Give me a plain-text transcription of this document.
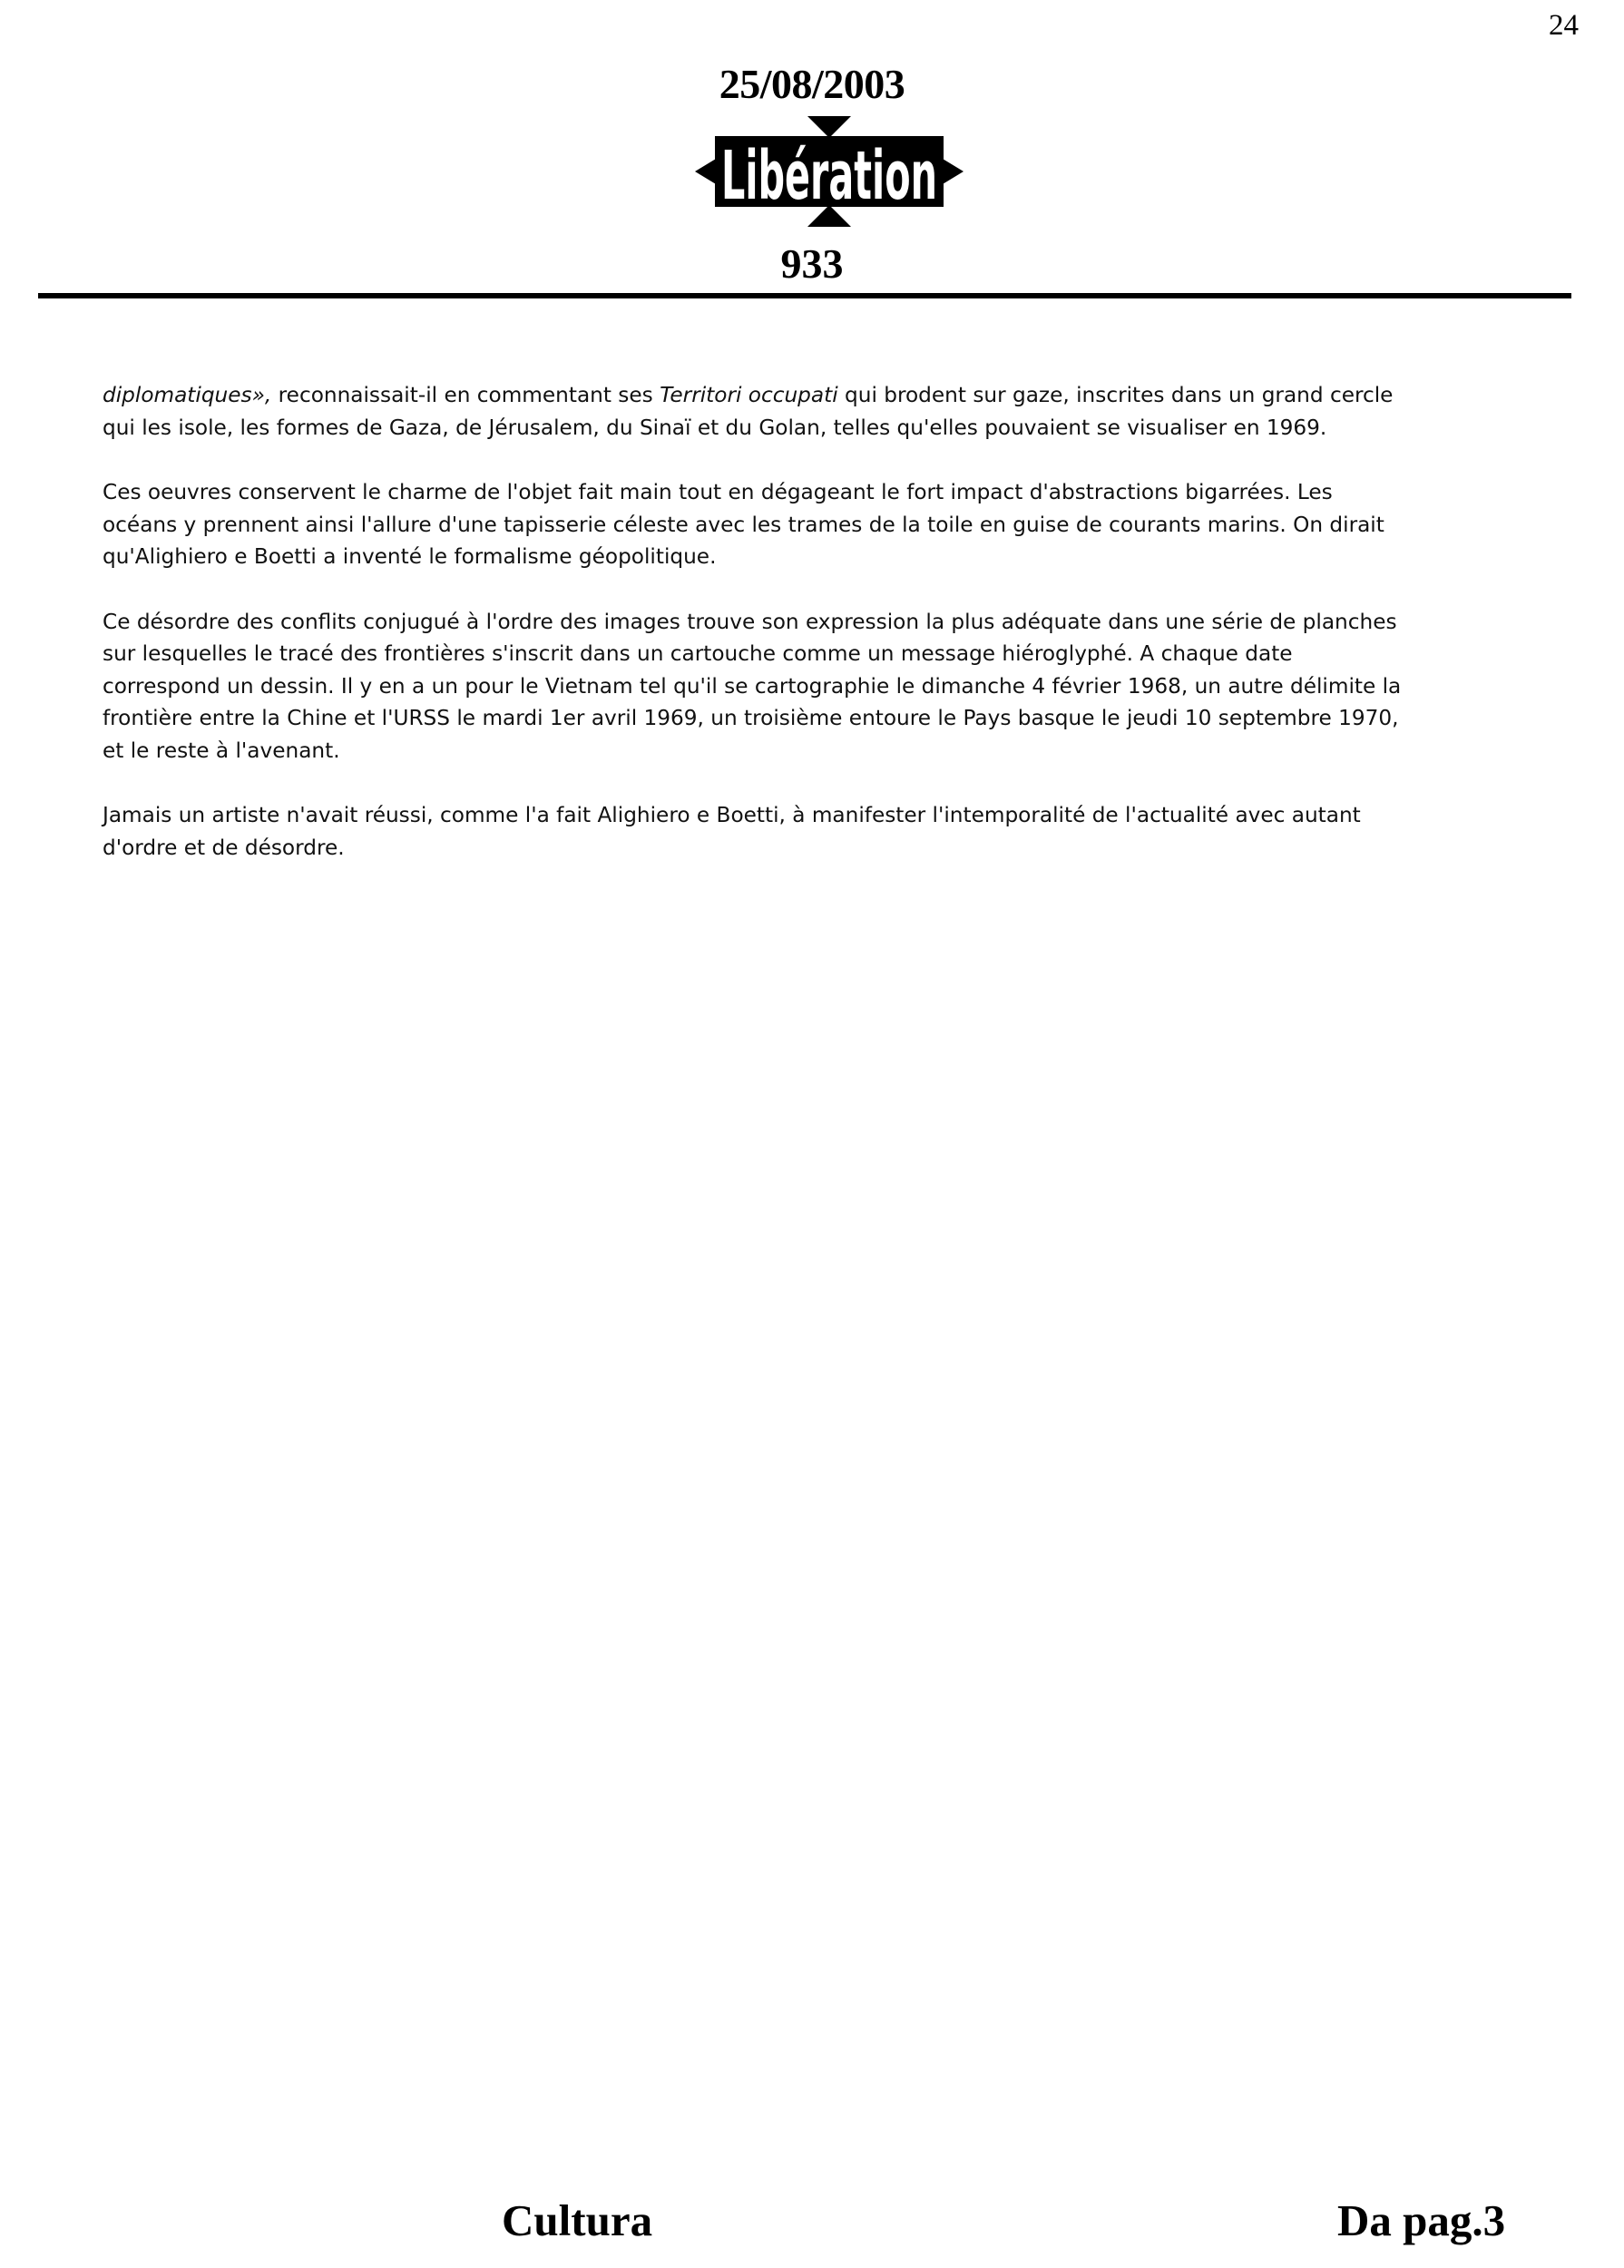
24
25/08/2003
Libération
933

diplomatiques», reconnaissait-il en commentant ses Territori occupati qui brodent sur gaze, inscrites dans un grand cercle qui les isole, les formes de Gaza, de Jérusalem, du Sinaï et du Golan, telles qu'elles pouvaient se visualiser en 1969.

Ces oeuvres conservent le charme de l'objet fait main tout en dégageant le fort impact d'abstractions bigarrées. Les océans y prennent ainsi l'allure d'une tapisserie céleste avec les trames de la toile en guise de courants marins. On dirait qu'Alighiero e Boetti a inventé le formalisme géopolitique.

Ce désordre des conflits conjugué à l'ordre des images trouve son expression la plus adéquate dans une série de planches sur lesquelles le tracé des frontières s'inscrit dans un cartouche comme un message hiéroglyphé. A chaque date correspond un dessin. Il y en a un pour le Vietnam tel qu'il se cartographie le dimanche 4 février 1968, un autre délimite la frontière entre la Chine et l'URSS le mardi 1er avril 1969, un troisième entoure le Pays basque le jeudi 10 septembre 1970, et le reste à l'avenant.

Jamais un artiste n'avait réussi, comme l'a fait Alighiero e Boetti, à manifester l'intemporalité de l'actualité avec autant d'ordre et de désordre.

Cultura	Da pag.3
